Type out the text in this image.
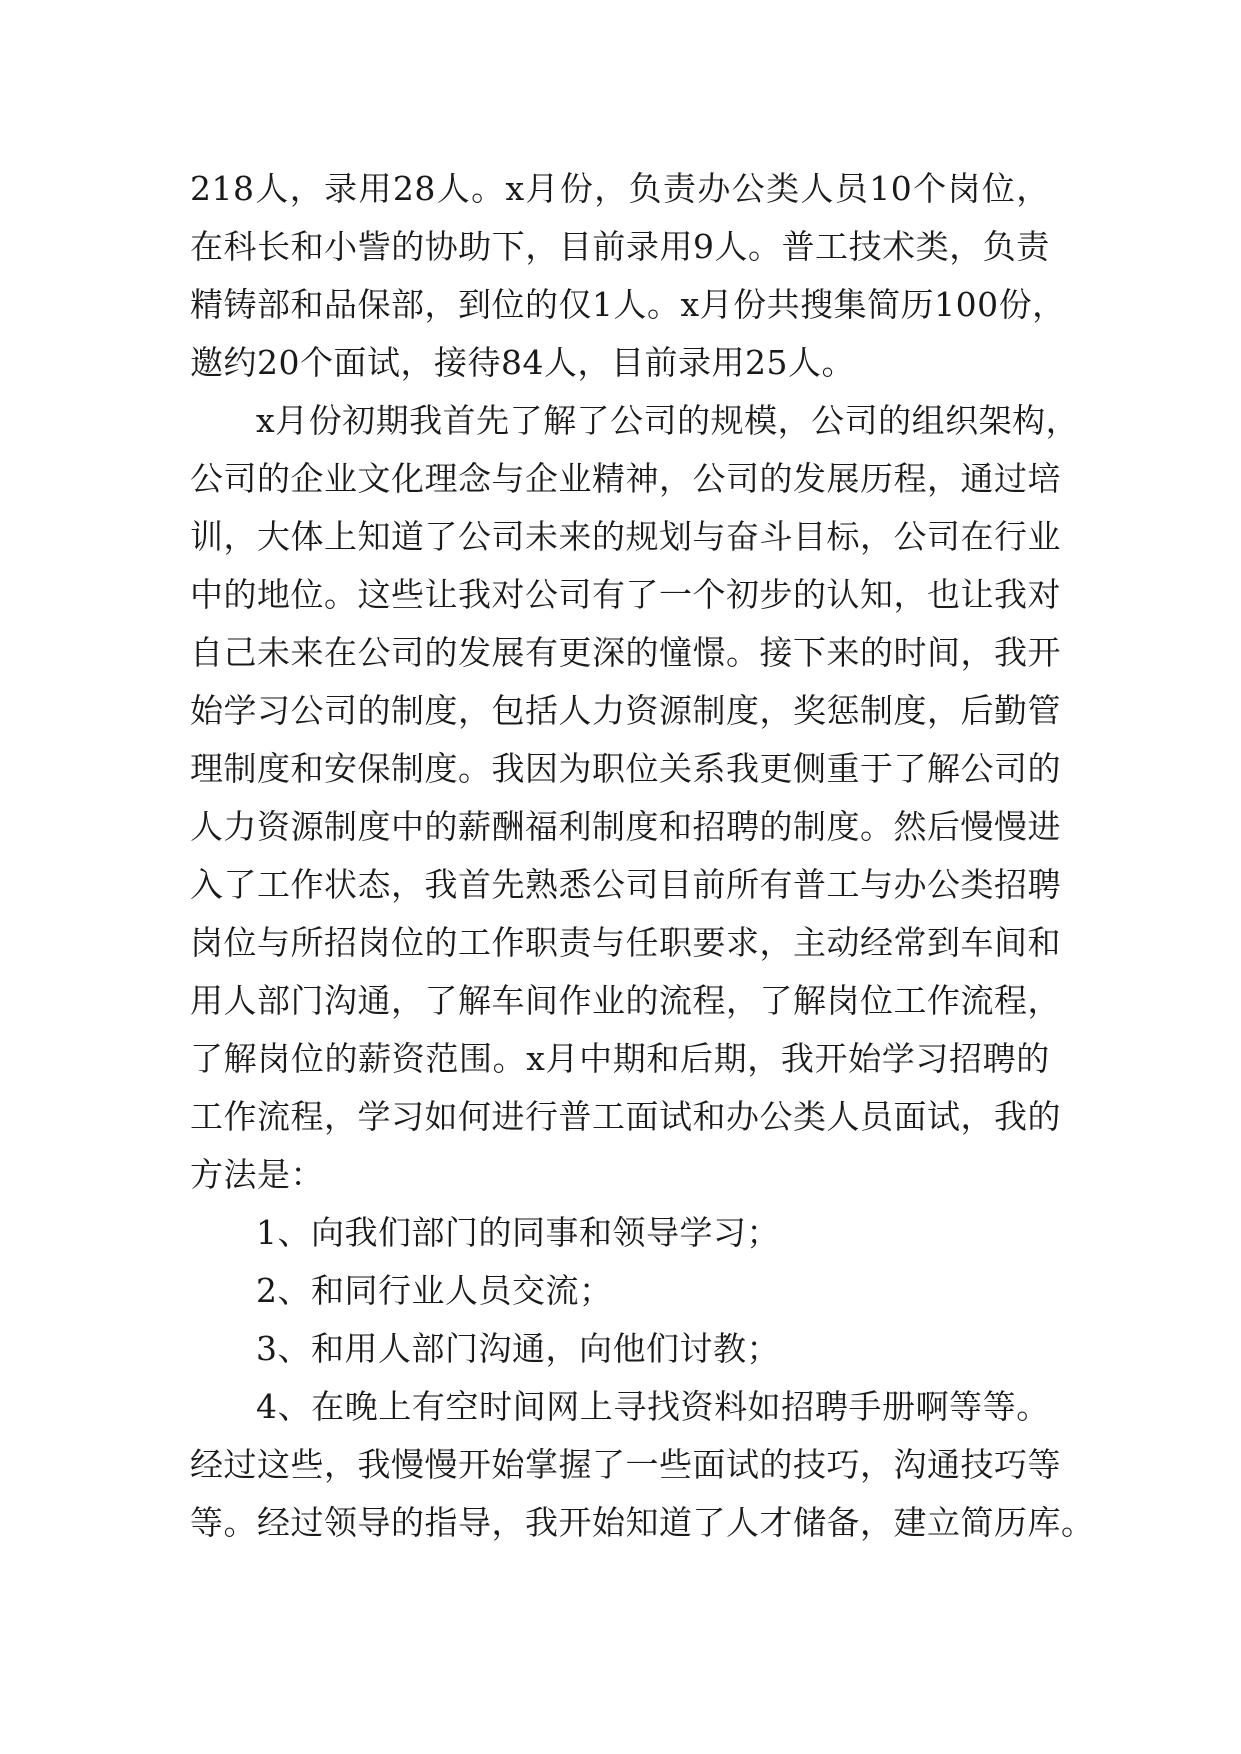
218 人 ， 录 用 28 人 。 x 月 份 ， 负 责 办 公 类 人 员 10 个 岗 位 ，
在 科 长 和 小 訾 的 协 助 下 ， 目 前 录 用 9 人 。 普 工 技 术 类 ， 负 责
精 铸 部 和 品 保 部 ， 到 位 的 仅 1 人 。 x 月 份 共 搜 集 简 历 100 份 ，
邀约20个面试，接待84人，目前录用25人。
x 月 份 初 期 我 首 先 了 解 了 公 司 的 规 模 ， 公 司 的 组 织 架 构 ，
公 司 的 企 业 文 化 理 念 与 企 业 精 神 ， 公 司 的 发 展 历 程 ， 通 过 培
训 ， 大 体 上 知 道 了 公 司 未 来 的 规 划 与 奋 斗 目 标 ， 公 司 在 行 业
中 的 地 位 。 这 些 让 我 对 公 司 有 了 一 个 初 步 的 认 知 ， 也 让 我 对
自 己 未 来 在 公 司 的 发 展 有 更 深 的 憧 憬 。 接 下 来 的 时 间 ， 我 开
始 学 习 公 司 的 制 度 ， 包 括 人 力 资 源 制 度 ， 奖 惩 制 度 ， 后 勤 管
理 制 度 和 安 保 制 度 。 我 因 为 职 位 关 系 我 更 侧 重 于 了 解 公 司 的
人 力 资 源 制 度 中 的 薪 酬 福 利 制 度 和 招 聘 的 制 度 。 然 后 慢 慢 进
入 了 工 作 状 态 ， 我 首 先 熟 悉 公 司 目 前 所 有 普 工 与 办 公 类 招 聘
岗 位 与 所 招 岗 位 的 工 作 职 责 与 任 职 要 求 ， 主 动 经 常 到 车 间 和
用 人 部 门 沟 通 ， 了 解 车 间 作 业 的 流 程 ， 了 解 岗 位 工 作 流 程 ，
了 解 岗 位 的 薪 资 范 围 。 x 月 中 期 和 后 期 ， 我 开 始 学 习 招 聘 的
工 作 流 程 ， 学 习 如 何 进 行 普 工 面 试 和 办 公 类 人 员 面 试 ， 我 的
方法是：
1、向我们部门的同事和领导学习；
2、和同行业人员交流；
3、和用人部门沟通，向他们讨教；
4 、 在 晚 上 有 空 时 间 网 上 寻 找 资 料 如 招 聘 手 册 啊 等 等 。
经 过 这 些 ， 我 慢 慢 开 始 掌 握 了 一 些 面 试 的 技 巧 ， 沟 通 技 巧 等
等 。 经 过 领 导 的 指 导 ， 我 开 始 知 道 了 人 才 储 备 ， 建 立 简 历 库 。
